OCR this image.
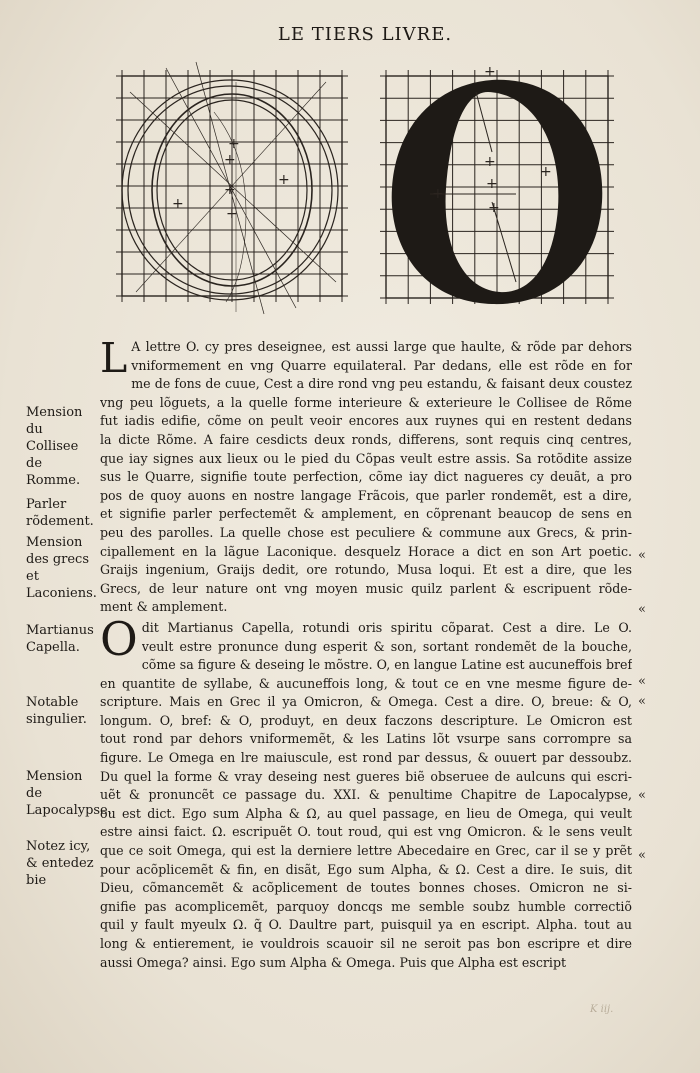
LE TIERS LIVRE.
+
+
+
+
+
+
+
+
+
+
+
+
L A lettre O. cy pres deseignee, est aussi large que haulte, & rõde par dehors
vniformement en vng Quarre equilateral. Par dedans, elle est rõde en for
me de fons de cuue, Cest a dire rond vng peu estandu, & faisant deux coustez
vng peu lõguets, a la quelle forme interieure & exterieure le Collisee de Rõme
fut iadis edifie, cõme on peult veoir encores aux ruynes qui en restent dedans
la dicte Rõme. A faire cesdicts deux ronds, differens, sont requis cinq centres,
que iay signes aux lieux ou le pied du Cõpas veult estre assis. Sa rotõdite assize
sus le Quarre, signifie toute perfection, cõme iay dict nagueres cy deuãt, a pro
pos de quoy auons en nostre langage Frãcois, que parler rondemẽt, est a dire,
et signifie parler perfectemẽt & amplement, en cõprenant beaucop de sens en
peu des parolles. La quelle chose est peculiere & commune aux Grecs, & prin-
cipallement en la lãgue Laconique. desquelz Horace a dict en son Art poetic.
Graijs ingenium, Graijs dedit, ore rotundo, Musa loqui. Et est a dire, que les
Grecs, de leur nature ont vng moyen music quilz parlent & escripuent rõde-
ment & amplement.
O dit Martianus Capella, rotundi oris spiritu cõparat. Cest a dire. Le O.
veult estre pronunce dung esperit & son, sortant rondemẽt de la bouche,
cõme sa figure & deseing le mõstre. O, en langue Latine est aucuneffois bref
en quantite de syllabe, & aucuneffois long, & tout ce en vne mesme figure de-
scripture. Mais en Grec il ya Omicron, & Omega. Cest a dire. O, breue: & O,
longum. O, bref: & O, produyt, en deux faczons descripture. Le Omicron est
tout rond par dehors vniformemẽt, & les Latins lõt vsurpe sans corrompre sa
figure. Le Omega en lre maiuscule, est rond par dessus, & ouuert par dessoubz.
Du quel la forme & vray deseing nest gueres biẽ obseruee de aulcuns qui escri-
uẽt & pronuncẽt ce passage du. XXI. & penultime Chapitre de Lapocalypse,
ou est dict. Ego sum Alpha & Ω, au quel passage, en lieu de Omega, qui veult
estre ainsi faict. Ω. escripuẽt O. tout roud, qui est vng Omicron. & le sens veult
que ce soit Omega, qui est la derniere lettre Abecedaire en Grec, car il se y prẽt
pour acõplicemẽt & fin, en disãt, Ego sum Alpha, & Ω. Cest a dire. Ie suis, dit
Dieu, cõmancemẽt & acõplicement de toutes bonnes choses. Omicron ne si-
gnifie pas acomplicemẽt, parquoy doncqs me semble soubz humble correctiõ
quil y fault myeulx Ω. q̃ O. Daultre part, puisquil ya en escript. Alpha. tout au
long & entierement, ie vouldrois scauoir sil ne seroit pas bon escripre et dire
aussi Omega? ainsi. Ego sum Alpha & Omega. Puis que Alpha est escript
Mension du Collisee de Romme.
Parler rõdement.
Mension des grecs et Laconiens.
Martianus Capella.
Notable singulier.
Mension de Lapocalypse.
Notez icy, & entedez bie
«
«
«
«
«
«
K iij.
